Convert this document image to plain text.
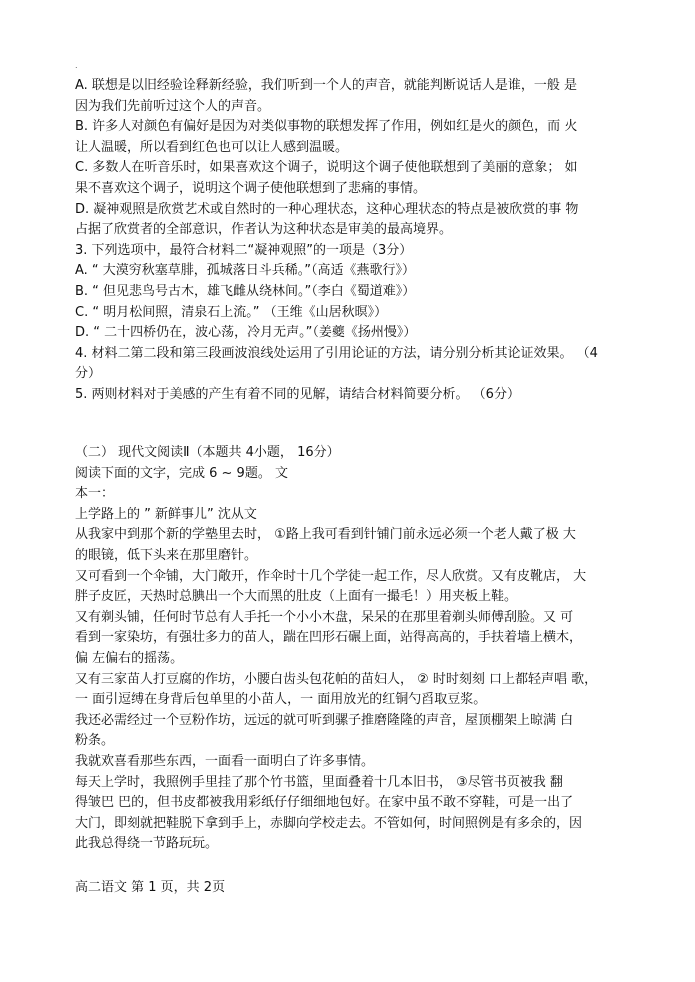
.

A. 联想是以旧经验诠释新经验，我们听到一个人的声音，就能判断说话人是谁，一般 是

因为我们先前听过这个人的声音。

B. 许多人对颜色有偏好是因为对类似事物的联想发挥了作用，例如红是火的颜色，而 火

让人温暖，所以看到红色也可以让人感到温暖。

C. 多数人在听音乐时，如果喜欢这个调子，说明这个调子使他联想到了美丽的意象； 如

果不喜欢这个调子，说明这个调子使他联想到了悲痛的事情。

D. 凝神观照是欣赏艺术或自然时的一种心理状态，这种心理状态的特点是被欣赏的事 物

占据了欣赏者的全部意识，作者认为这种状态是审美的最高境界。

3. 下列选项中，最符合材料二“凝神观照”的一项是（3分）

A. “ 大漠穷秋塞草腓，孤城落日斗兵稀。”（高适《燕歌行》）

B. “ 但见悲鸟号古木，雄飞雌从绕林间。”（李白《蜀道难》）

C. “ 明月松间照，清泉石上流。” （王维《山居秋暝》）

D. “ 二十四桥仍在，波心荡，冷月无声。”（姜夔《扬州慢》）

4. 材料二第二段和第三段画波浪线处运用了引用论证的方法，请分别分析其论证效果。 （4

分）

5. 两则材料对于美感的产生有着不同的见解，请结合材料简要分析。 （6分）

（二） 现代文阅读Ⅱ（本题共 4小题， 16分）

阅读下面的文字，完成 6 ~ 9题。 文

本一：

上学路上的 ” 新鲜事儿” 沈从文

从我家中到那个新的学塾里去时， ①路上我可看到针铺门前永远必须一个老人戴了极 大

的眼镜，低下头来在那里磨针。

又可看到一个伞铺，大门敞开，作伞时十几个学徒一起工作，尽人欣赏。又有皮靴店， 大

胖子皮匠，天热时总腆出一个大而黑的肚皮（上面有一撮毛！）用夹板上鞋。

又有剃头铺，任何时节总有人手托一个小小木盘，呆呆的在那里着剃头师傅刮脸。又 可

看到一家染坊，有强壮多力的苗人，踹在凹形石碾上面，站得高高的，手扶着墙上横木，

偏 左偏右的摇荡。

又有三家苗人打豆腐的作坊，小腰白齿头包花帕的苗妇人， ② 时时刻刻 口上都轻声唱 歌，

一 面引逗缚在身背后包单里的小苗人，一 面用放光的红铜勺舀取豆浆。

我还必需经过一个豆粉作坊，远远的就可听到骡子推磨隆隆的声音，屋顶棚架上晾满 白

粉条。

我就欢喜看那些东西，一面看一面明白了许多事情。

每天上学时，我照例手里挂了那个竹书篮，里面叠着十几本旧书， ③尽管书页被我 翻

得皱巴 巴的，但书皮都被我用彩纸仔仔细细地包好。在家中虽不敢不穿鞋，可是一出了

大门，即刻就把鞋脱下拿到手上，赤脚向学校走去。不管如何，时间照例是有多余的，因

此我总得绕一节路玩玩。

高二语文 第 1 页，共 2页
